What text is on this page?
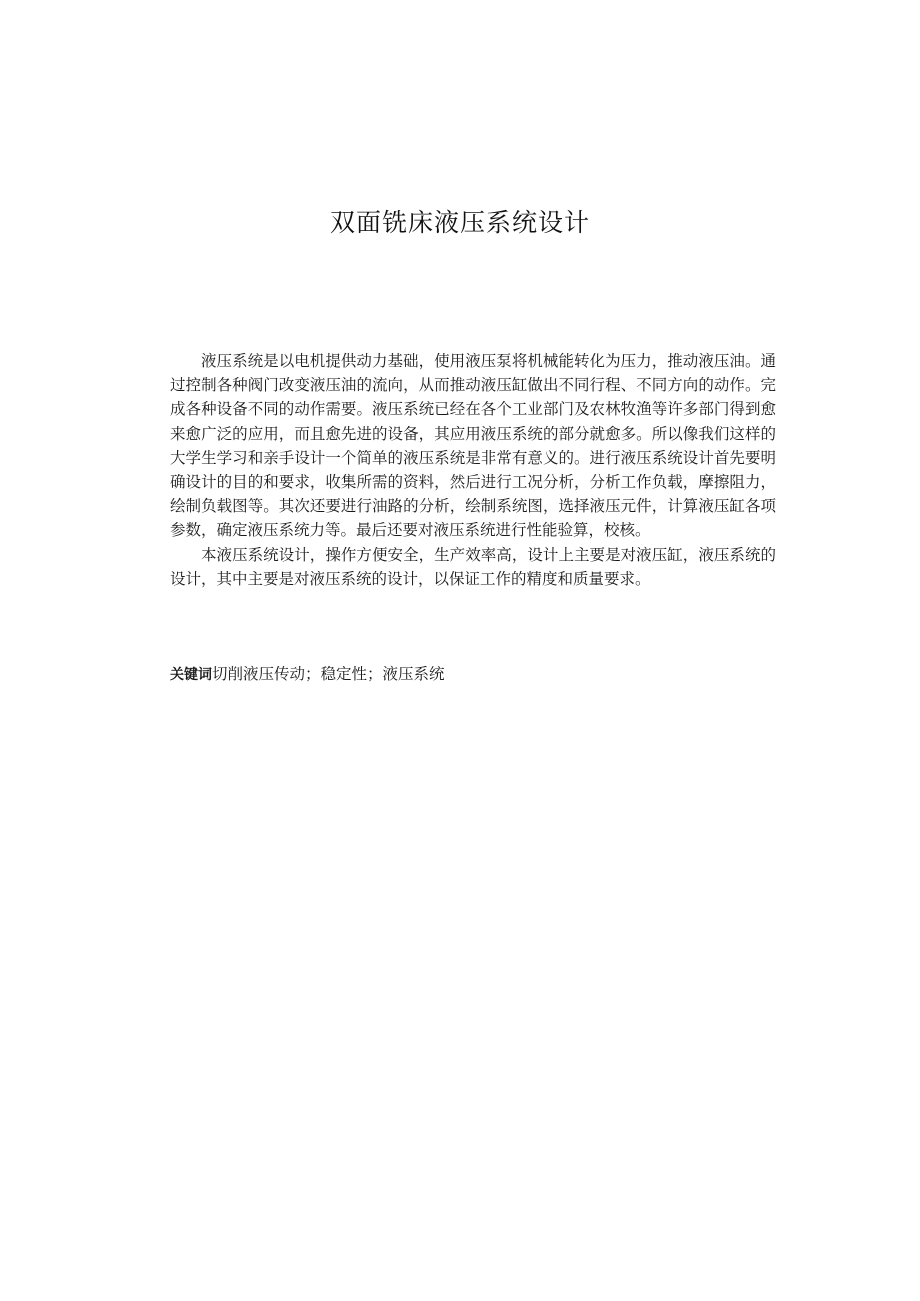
双面铣床液压系统设计

液压系统是以电机提供动力基础，使用液压泵将机械能转化为压力，推动液压油。通过控制各种阀门改变液压油的流向，从而推动液压缸做出不同行程、不同方向的动作。完成各种设备不同的动作需要。液压系统已经在各个工业部门及农林牧渔等许多部门得到愈来愈广泛的应用，而且愈先进的设备，其应用液压系统的部分就愈多。所以像我们这样的大学生学习和亲手设计一个简单的液压系统是非常有意义的。进行液压系统设计首先要明确设计的目的和要求，收集所需的资料，然后进行工况分析，分析工作负载，摩擦阻力，绘制负载图等。其次还要进行油路的分析，绘制系统图，选择液压元件，计算液压缸各项参数，确定液压系统力等。最后还要对液压系统进行性能验算，校核。

本液压系统设计，操作方便安全，生产效率高，设计上主要是对液压缸，液压系统的设计，其中主要是对液压系统的设计，以保证工作的精度和质量要求。

关键词切削液压传动；稳定性；液压系统
